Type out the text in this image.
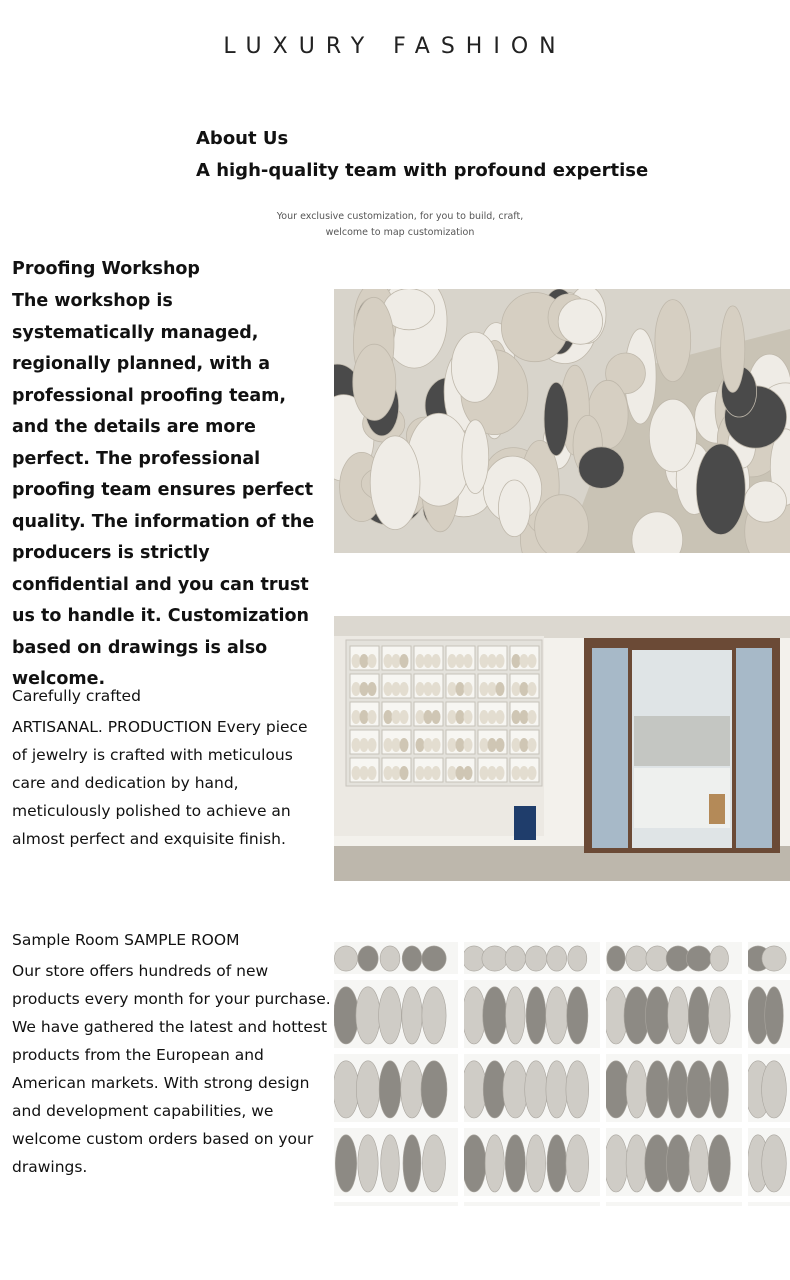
LUXURY FASHION
About Us
A high-quality team with profound expertise
Your exclusive customization, for you to build, craft, welcome to map customization
Proofing Workshop
The workshop is systematically managed, regionally planned, with a professional proofing team, and the details are more perfect. The professional proofing team ensures perfect quality. The information of the producers is strictly confidential and you can trust us to handle it. Customization based on drawings is also welcome.
Carefully crafted
ARTISANAL. PRODUCTION Every piece of jewelry is crafted with meticulous care and dedication by hand, meticulously polished to achieve an almost perfect and exquisite finish.
Sample Room SAMPLE ROOM
Our store offers hundreds of new products every month for your purchase. We have gathered the latest and hottest products from the European and American markets. With strong design and development capabilities, we welcome custom orders based on your drawings.
